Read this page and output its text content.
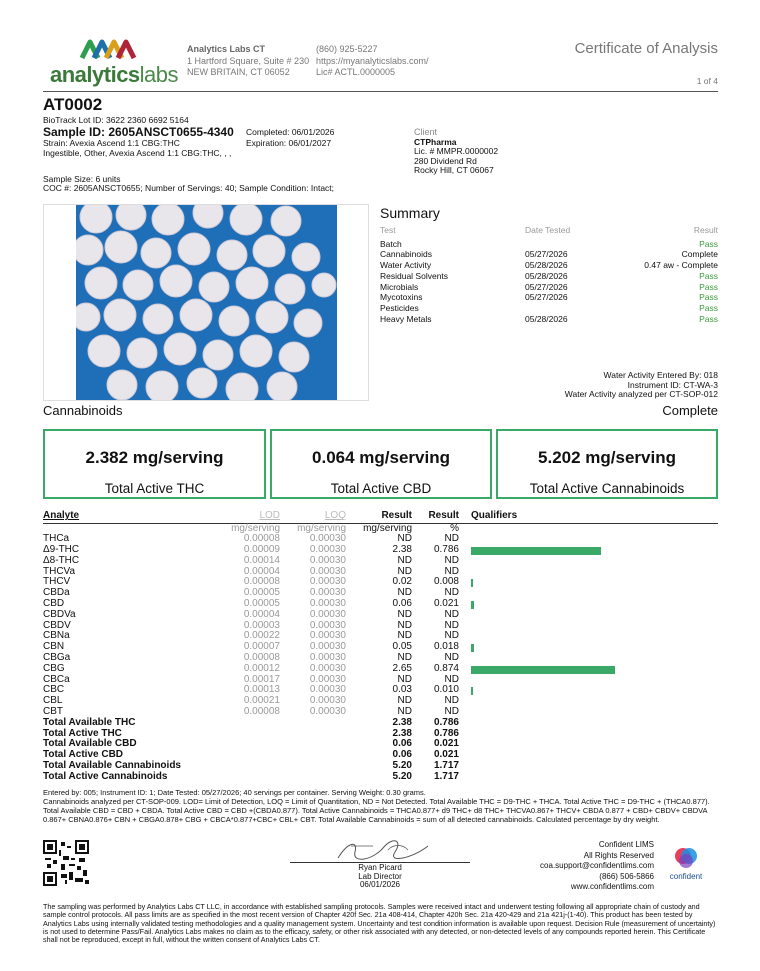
analyticslabs
Analytics Labs CT
1 Hartford Square, Suite # 230
NEW BRITAIN, CT 06052
(860) 925-5227
https://myanalyticslabs.com/
Lic# ACTL.0000005
Certificate of Analysis
1 of 4
AT0002
BioTrack Lot ID: 3622 2360 6692 5164
Sample ID: 2605ANSCT0655-4340
Strain: Avexia Ascend 1:1 CBG:THC
Ingestible, Other, Avexia Ascend 1:1 CBG:THC, , ,
Completed: 06/01/2026
Expiration: 06/01/2027
Sample Size: 6 units
COC #: 2605ANSCT0655; Number of Servings: 40; Sample Condition: Intact;
Client
CTPharma
Lic. # MMPR.0000002
280 Dividend Rd
Rocky Hill, CT 06067
Summary
Test	Date Tested	Result
Batch		Pass
Cannabinoids	05/27/2026	Complete
Water Activity	05/28/2026	0.47 aw - Complete
Residual Solvents	05/28/2026	Pass
Microbials	05/27/2026	Pass
Mycotoxins	05/27/2026	Pass
Pesticides		Pass
Heavy Metals	05/28/2026	Pass
Water Activity Entered By: 018
Instrument ID: CT-WA-3
Water Activity analyzed per CT-SOP-012
Cannabinoids	Complete
2.382 mg/serving
Total Active THC
0.064 mg/serving
Total Active CBD
5.202 mg/serving
Total Active Cannabinoids
Analyte	LOD	LOQ	Result	Result	Qualifiers
	mg/serving	mg/serving	mg/serving	%	
THCa	0.00008	0.00030	ND	ND	
Δ9-THC	0.00009	0.00030	2.38	0.786	

Δ8-THC	0.00014	0.00030	ND	ND	
THCVa	0.00004	0.00030	ND	ND	
THCV	0.00008	0.00030	0.02	0.008	

CBDa	0.00005	0.00030	ND	ND	
CBD	0.00005	0.00030	0.06	0.021	

CBDVa	0.00004	0.00030	ND	ND	
CBDV	0.00003	0.00030	ND	ND	
CBNa	0.00022	0.00030	ND	ND	
CBN	0.00007	0.00030	0.05	0.018	

CBGa	0.00008	0.00030	ND	ND	
CBG	0.00012	0.00030	2.65	0.874	

CBCa	0.00017	0.00030	ND	ND	
CBC	0.00013	0.00030	0.03	0.010	

CBL	0.00021	0.00030	ND	ND	
CBT	0.00008	0.00030	ND	ND	
Total Available THC			2.38	0.786	
Total Active THC			2.38	0.786	
Total Available CBD			0.06	0.021	
Total Active CBD			0.06	0.021	
Total Available Cannabinoids			5.20	1.717	
Total Active Cannabinoids			5.20	1.717	
Entered by: 005; Instrument ID: 1; Date Tested: 05/27/2026; 40 servings per container. Serving Weight: 0.30 grams.
Cannabinoids analyzed per CT-SOP-009. LOD= Limit of Detection, LOQ = Limit of Quantitation, ND = Not Detected. Total Available THC = D9-THC + THCA. Total Active THC = D9-THC + (THCA0.877). Total Available CBD = CBD + CBDA. Total Active CBD = CBD +(CBDA0.877). Total Active Cannabinoids = THCA0.877+ d9 THC+ d8 THC+ THCVA0.867+ THCV+ CBDA 0.877 + CBD+ CBDV+ CBDVA 0.867+ CBNA0.876+ CBN + CBGA0.878+ CBG + CBCA*0.877+CBC+ CBL+ CBT. Total Available Cannabinoids = sum of all detected cannabinoids. Calculated percentage by dry weight.
Ryan Picard
Lab Director
06/01/2026
Confident LIMS
All Rights Reserved
coa.support@confidentlims.com
(866) 506-5866
www.confidentlims.com
confident
The sampling was performed by Analytics Labs CT LLC, in accordance with established sampling protocols. Samples were received intact and underwent testing following all appropriate chain of custody and sample control protocols. All pass limits are as specified in the most recent version of Chapter 420f Sec. 21a 408-414, Chapter 420h Sec. 21a 420-429 and 21a 421j-(1-40). This product has been tested by Analytics Labs using internally validated testing methodologies and a quality management system. Uncertainty and test condition information is available upon request. Decision Rule (measurement of uncertainty) is not used to determine Pass/Fail. Analytics Labs makes no claim as to the efficacy, safety, or other risk associated with any detected, or non-detected levels of any compounds reported herein. This Certificate shall not be reproduced, except in full, without the written consent of Analytics Labs CT.
